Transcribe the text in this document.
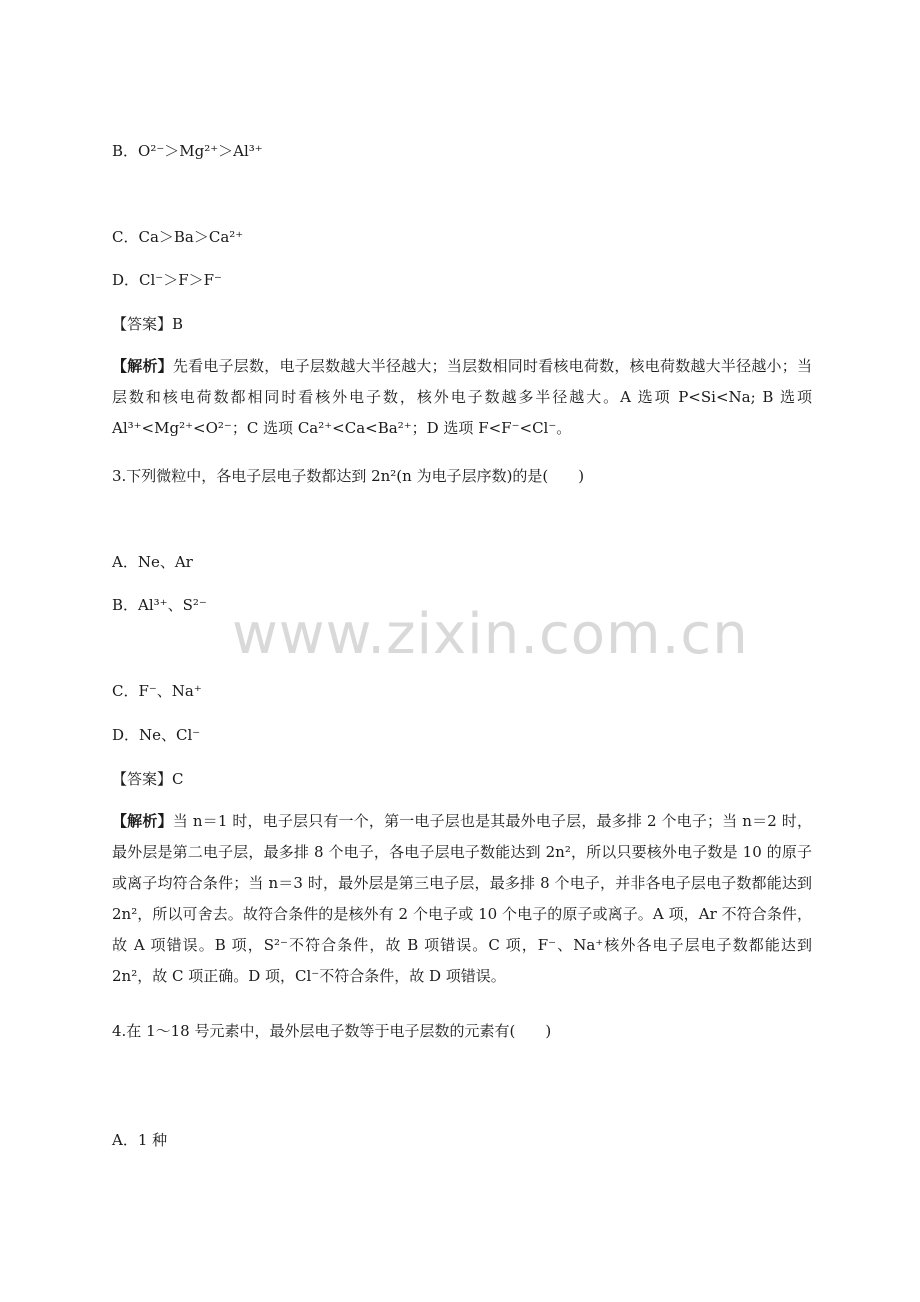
B．O²⁻＞Mg²⁺＞Al³⁺
C．Ca＞Ba＞Ca²⁺
D．Cl⁻＞F＞F⁻
【答案】B
【解析】先看电子层数，电子层数越大半径越大；当层数相同时看核电荷数，核电荷数越大半径越小；当层数和核电荷数都相同时看核外电子数，核外电子数越多半径越大。A 选项 P<Si<Na; B 选项 Al³⁺<Mg²⁺<O²⁻；C 选项 Ca²⁺<Ca<Ba²⁺；D 选项 F<F⁻<Cl⁻。
3.下列微粒中，各电子层电子数都达到 2n²(n 为电子层序数)的是(　　)
A．Ne、Ar
B．Al³⁺、S²⁻ www.zixin.com.cn
C．F⁻、Na⁺
D．Ne、Cl⁻
【答案】C
【解析】当 n＝1 时，电子层只有一个，第一电子层也是其最外电子层，最多排 2 个电子；当 n＝2 时，最外层是第二电子层，最多排 8 个电子，各电子层电子数能达到 2n²，所以只要核外电子数是 10 的原子或离子均符合条件；当 n＝3 时，最外层是第三电子层，最多排 8 个电子，并非各电子层电子数都能达到 2n²，所以可舍去。故符合条件的是核外有 2 个电子或 10 个电子的原子或离子。A 项，Ar 不符合条件，故 A 项错误。B 项，S²⁻不符合条件，故 B 项错误。C 项，F⁻、Na⁺核外各电子层电子数都能达到 2n²，故 C 项正确。D 项，Cl⁻不符合条件，故 D 项错误。
4.在 1～18 号元素中，最外层电子数等于电子层数的元素有(　　)
A．1 种
